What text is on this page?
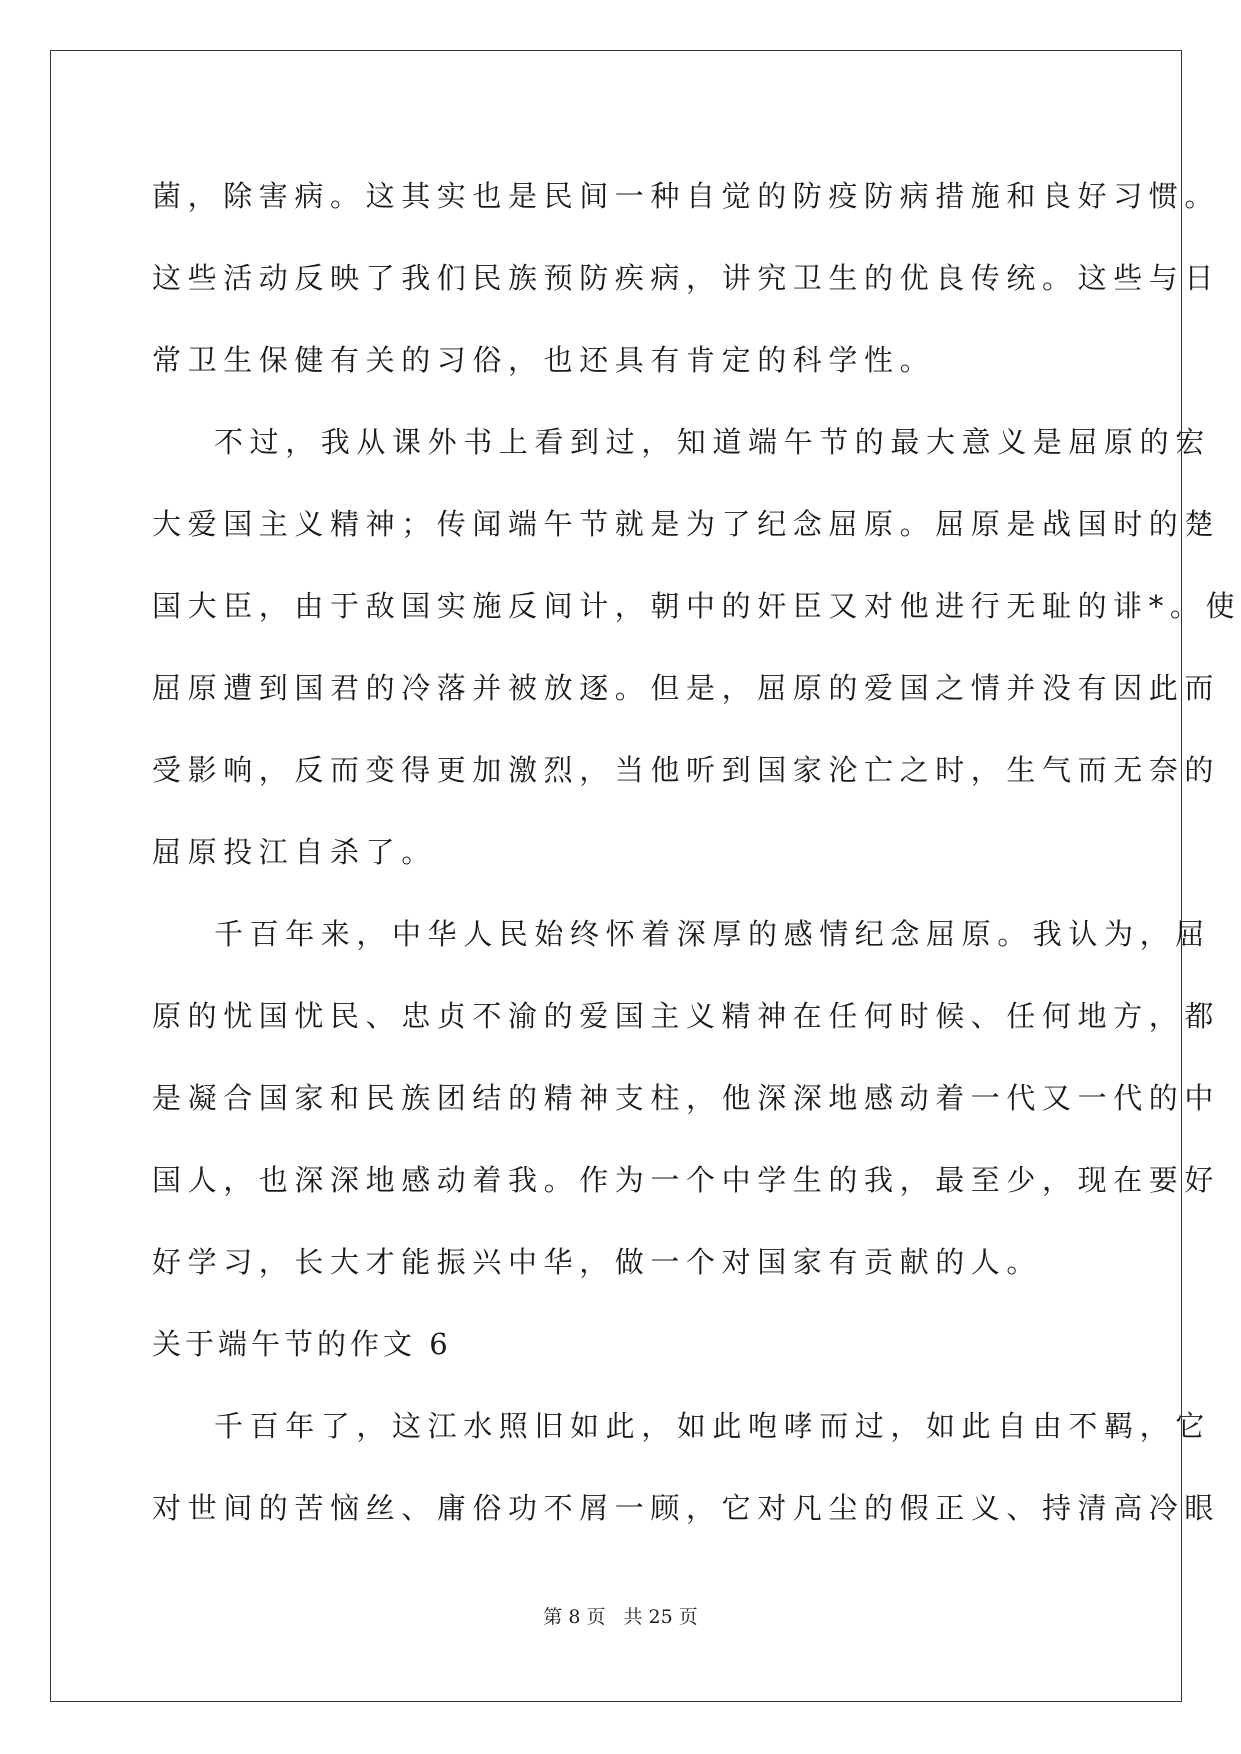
菌，除害病。这其实也是民间一种自觉的防疫防病措施和良好习惯。
这些活动反映了我们民族预防疾病，讲究卫生的优良传统。这些与日
常卫生保健有关的习俗，也还具有肯定的科学性。
不过，我从课外书上看到过，知道端午节的最大意义是屈原的宏
大爱国主义精神；传闻端午节就是为了纪念屈原。屈原是战国时的楚
国大臣，由于敌国实施反间计，朝中的奸臣又对他进行无耻的诽*。使
屈原遭到国君的冷落并被放逐。但是，屈原的爱国之情并没有因此而
受影响，反而变得更加激烈，当他听到国家沦亡之时，生气而无奈的
屈原投江自杀了。
千百年来，中华人民始终怀着深厚的感情纪念屈原。我认为，屈
原的忧国忧民、忠贞不渝的爱国主义精神在任何时候、任何地方，都
是凝合国家和民族团结的精神支柱，他深深地感动着一代又一代的中
国人，也深深地感动着我。作为一个中学生的我，最至少，现在要好
好学习，长大才能振兴中华，做一个对国家有贡献的人。
关于端午节的作文 6
千百年了，这江水照旧如此，如此咆哮而过，如此自由不羁，它
对世间的苦恼丝、庸俗功不屑一顾，它对凡尘的假正义、持清高冷眼
第 8 页 共 25 页
